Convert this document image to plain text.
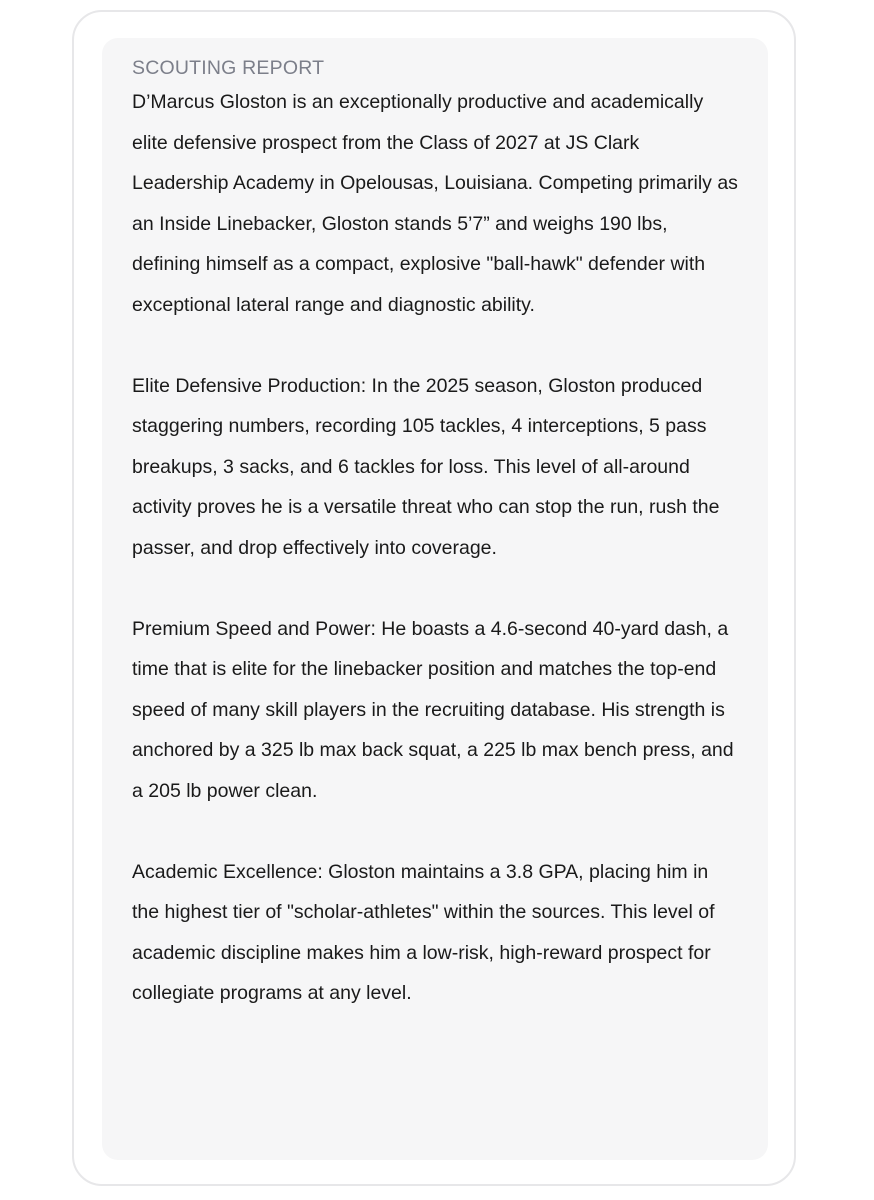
SCOUTING REPORT

D’Marcus Gloston is an exceptionally productive and academically elite defensive prospect from the Class of 2027 at JS Clark Leadership Academy in Opelousas, Louisiana. Competing primarily as an Inside Linebacker, Gloston stands 5’7” and weighs 190 lbs, defining himself as a compact, explosive "ball-hawk" defender with exceptional lateral range and diagnostic ability.

Elite Defensive Production: In the 2025 season, Gloston produced staggering numbers, recording 105 tackles, 4 interceptions, 5 pass breakups, 3 sacks, and 6 tackles for loss. This level of all-around activity proves he is a versatile threat who can stop the run, rush the passer, and drop effectively into coverage.

Premium Speed and Power: He boasts a 4.6-second 40-yard dash, a time that is elite for the linebacker position and matches the top-end speed of many skill players in the recruiting database. His strength is anchored by a 325 lb max back squat, a 225 lb max bench press, and a 205 lb power clean.

Academic Excellence: Gloston maintains a 3.8 GPA, placing him in the highest tier of "scholar-athletes" within the sources. This level of academic discipline makes him a low-risk, high-reward prospect for collegiate programs at any level.
